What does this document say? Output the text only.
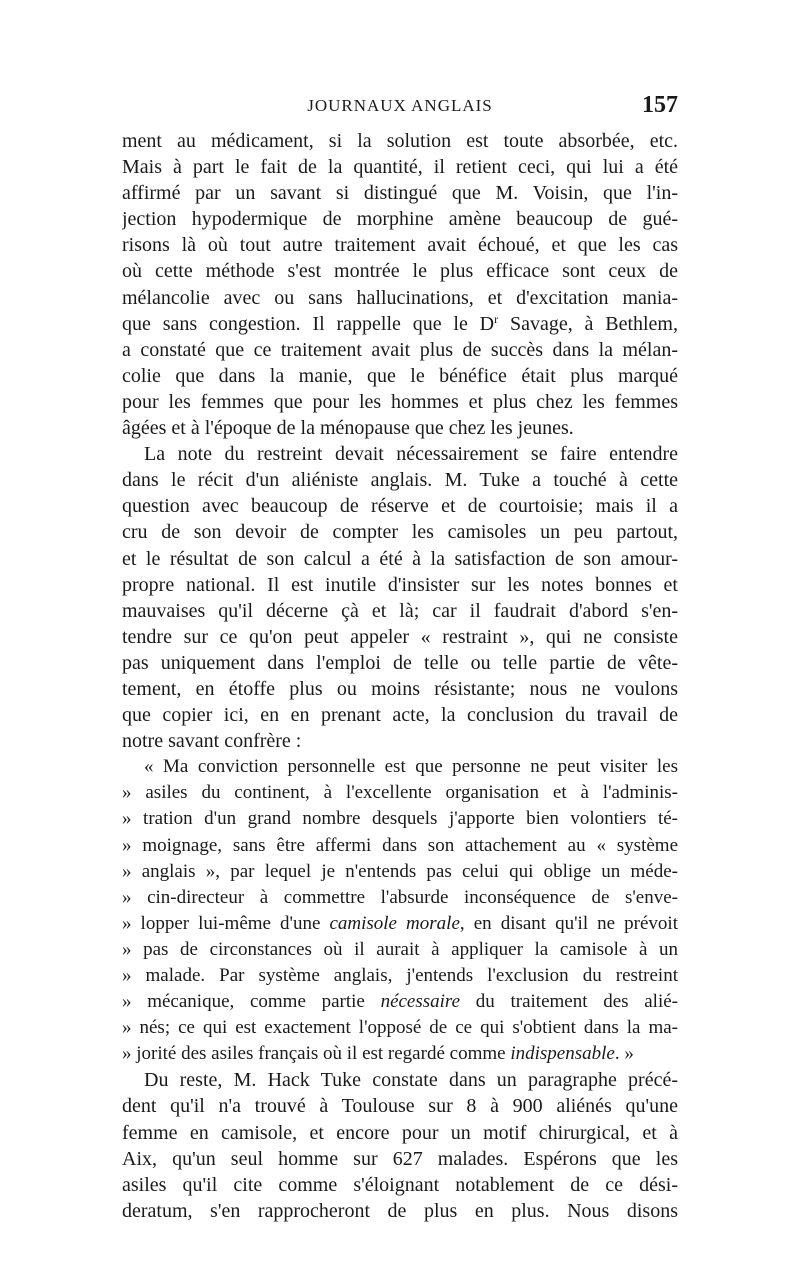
JOURNAUX ANGLAIS	157
ment au médicament, si la solution est toute absorbée, etc.
Mais à part le fait de la quantité, il retient ceci, qui lui a été
affirmé par un savant si distingué que M. Voisin, que l'in-
jection hypodermique de morphine amène beaucoup de gué-
risons là où tout autre traitement avait échoué, et que les cas
où cette méthode s'est montrée le plus efficace sont ceux de
mélancolie avec ou sans hallucinations, et d'excitation mania-
que sans congestion. Il rappelle que le $D^r$ Savage, à Bethlem,
a constaté que ce traitement avait plus de succès dans la mélan-
colie que dans la manie, que le bénéfice était plus marqué
pour les femmes que pour les hommes et plus chez les femmes
âgées et à l'époque de la ménopause que chez les jeunes.
La note du restreint devait nécessairement se faire entendre
dans le récit d'un aliéniste anglais. M. Tuke a touché à cette
question avec beaucoup de réserve et de courtoisie; mais il a
cru de son devoir de compter les camisoles un peu partout,
et le résultat de son calcul a été à la satisfaction de son amour-
propre national. Il est inutile d'insister sur les notes bonnes et
mauvaises qu'il décerne çà et là; car il faudrait d'abord s'en-
tendre sur ce qu'on peut appeler « restraint », qui ne consiste
pas uniquement dans l'emploi de telle ou telle partie de vête-
tement, en étoffe plus ou moins résistante; nous ne voulons
que copier ici, en en prenant acte, la conclusion du travail de
notre savant confrère :
« Ma conviction personnelle est que personne ne peut visiter les
» asiles du continent, à l'excellente organisation et à l'adminis-
» tration d'un grand nombre desquels j'apporte bien volontiers té-
» moignage, sans être affermi dans son attachement au « système
» anglais », par lequel je n'entends pas celui qui oblige un méde-
» cin-directeur à commettre l'absurde inconséquence de s'enve-
» lopper lui-même d'une camisole morale, en disant qu'il ne prévoit
» pas de circonstances où il aurait à appliquer la camisole à un
» malade. Par système anglais, j'entends l'exclusion du restreint
» mécanique, comme partie nécessaire du traitement des alié-
» nés; ce qui est exactement l'opposé de ce qui s'obtient dans la ma-
» jorité des asiles français où il est regardé comme indispensable. »
Du reste, M. Hack Tuke constate dans un paragraphe précé-
dent qu'il n'a trouvé à Toulouse sur 8 à 900 aliénés qu'une
femme en camisole, et encore pour un motif chirurgical, et à
Aix, qu'un seul homme sur 627 malades. Espérons que les
asiles qu'il cite comme s'éloignant notablement de ce dési-
deratum, s'en rapprocheront de plus en plus. Nous disons
